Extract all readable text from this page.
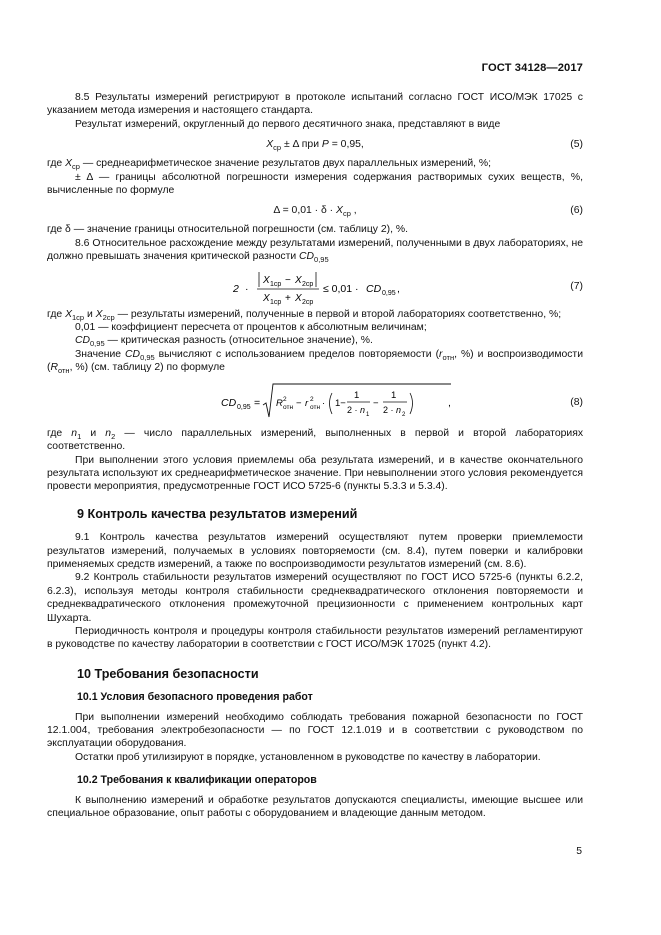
ГОСТ 34128—2017

8.5 Результаты измерений регистрируют в протоколе испытаний согласно ГОСТ ИСО/МЭК 17025 с указанием метода измерения и настоящего стандарта.

Результат измерений, округленный до первого десятичного знака, представляют в виде

$X_{ср} \pm \Delta$ при P = 0,95,	(5)

где $X_{ср}$ — среднеарифметическое значение результатов двух параллельных измерений, %;

± Δ — границы абсолютной погрешности измерения содержания растворимых сухих веществ, %, вычисленные по формуле

$\Delta = 0,01 \cdot \delta \cdot X_{ср}$ ,	(6)

где δ — значение границы относительной погрешности (см. таблицу 2), %.

8.6 Относительное расхождение между результатами измерений, полученными в двух лабораториях, не должно превышать значения критической разности $CD_{0,95}$

2 ·
X 1ср − X 2ср
X 1ср + X 2ср
≤ 0,01 · CD 0,95 ,	(7)

где $X_{1ср}$ и $X_{2ср}$ — результаты измерений, полученные в первой и второй лабораториях соответственно, %;

0,01 — коэффициент пересчета от процентов к абсолютным величинам;

$CD_{0,95}$ — критическая разность (относительное значение), %.

Значение $CD_{0,95}$ вычисляют с использованием пределов повторяемости ($r_{отн}$, %) и воспроизводимости ($R_{отн}$, %) (см. таблицу 2) по формуле

CD 0,95 = R 2
отн − r 2
отн · 1−
1
2 · n 1
−
1
2 · n 2
,	(8)

где $n_1$ и $n_2$ — число параллельных измерений, выполненных в первой и второй лабораториях соответственно.

При выполнении этого условия приемлемы оба результата измерений, и в качестве окончательного результата используют их среднеарифметическое значение. При невыполнении этого условия рекомендуется провести мероприятия, предусмотренные ГОСТ ИСО 5725-6 (пункты 5.3.3 и 5.3.4).

9 Контроль качества результатов измерений

9.1 Контроль качества результатов измерений осуществляют путем проверки приемлемости результатов измерений, получаемых в условиях повторяемости (см. 8.4), путем поверки и калибровки применяемых средств измерений, а также по воспроизводимости результатов измерений (см. 8.6).

9.2 Контроль стабильности результатов измерений осуществляют по ГОСТ ИСО 5725-6 (пункты 6.2.2, 6.2.3), используя методы контроля стабильности среднеквадратического отклонения повторяемости и среднеквадратического отклонения промежуточной прецизионности с применением контрольных карт Шухарта.

Периодичность контроля и процедуры контроля стабильности результатов измерений регламентируют в руководстве по качеству лаборатории в соответствии с ГОСТ ИСО/МЭК 17025 (пункт 4.2).

10 Требования безопасности
10.1 Условия безопасного проведения работ

При выполнении измерений необходимо соблюдать требования пожарной безопасности по ГОСТ 12.1.004, требования электробезопасности — по ГОСТ 12.1.019 и в соответствии с руководством по эксплуатации оборудования.

Остатки проб утилизируют в порядке, установленном в руководстве по качеству в лаборатории.

10.2 Требования к квалификации операторов

К выполнению измерений и обработке результатов допускаются специалисты, имеющие высшее или специальное образование, опыт работы с оборудованием и владеющие данным методом.

5
